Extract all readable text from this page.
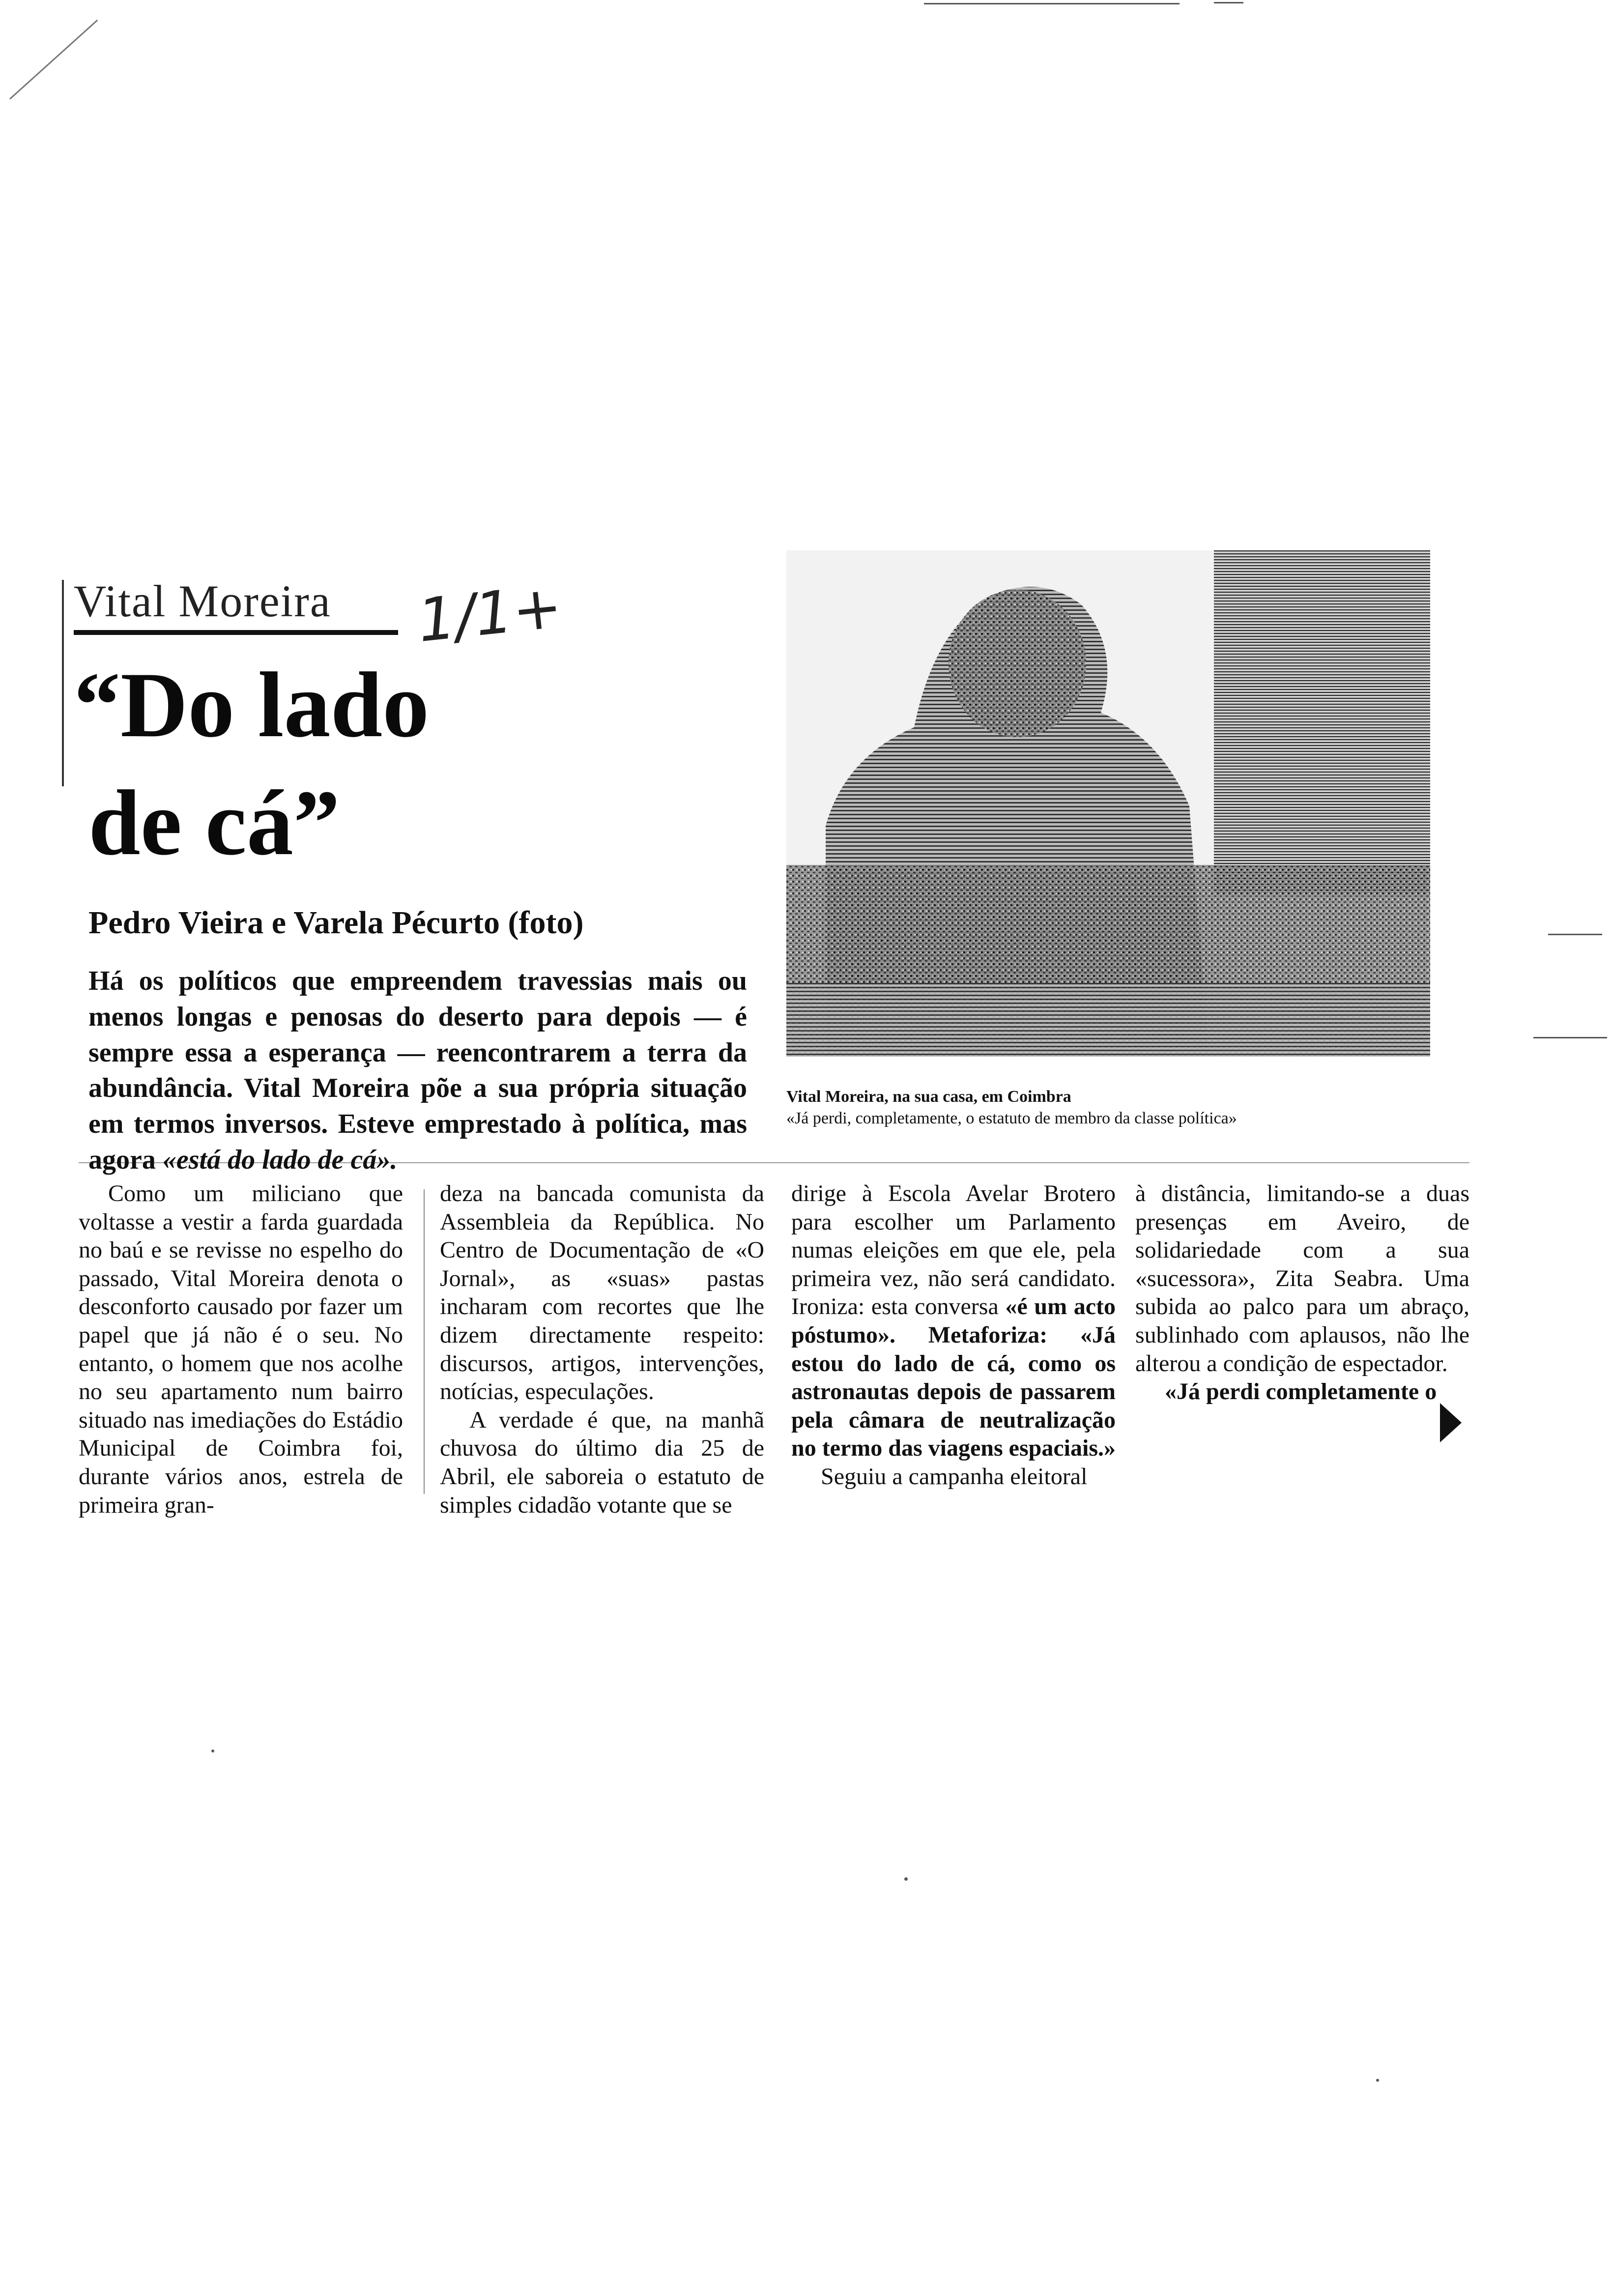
Vital Moreira
“Do lado
de cá”
1/1+
Pedro Vieira e Varela Pécurto (foto)
Há os políticos que empreendem travessias mais ou menos longas e penosas do deserto para depois — é sempre essa a esperança — reencontrarem a terra da abundância. Vital Moreira põe a sua própria situação em termos inversos. Esteve emprestado à política, mas agora «está do lado de cá».
Vital Moreira, na sua casa, em Coimbra
«Já perdi, completamente, o estatuto de membro da classe política»

Como um miliciano que voltasse a vestir a farda guardada no baú e se revisse no espelho do passado, Vital Moreira denota o desconforto causado por fazer um papel que já não é o seu. No entanto, o homem que nos acolhe no seu apartamento num bairro situado nas imediações do Estádio Municipal de Coimbra foi, durante vários anos, estrela de primeira gran-

deza na bancada comunista da Assembleia da República. No Centro de Documentação de «O Jornal», as «suas» pastas incharam com recortes que lhe dizem directamente respeito: discursos, artigos, intervenções, notícias, especulações.

A verdade é que, na manhã chuvosa do último dia 25 de Abril, ele saboreia o estatuto de simples cidadão votante que se

dirige à Escola Avelar Brotero para escolher um Parlamento numas eleições em que ele, pela primeira vez, não será candidato. Ironiza: esta conversa «é um acto póstumo». Metaforiza: «Já estou do lado de cá, como os astronautas depois de passarem pela câmara de neutralização no termo das viagens espaciais.»

Seguiu a campanha eleitoral

à distância, limitando-se a duas presenças em Aveiro, de solidariedade com a sua «sucessora», Zita Seabra. Uma subida ao palco para um abraço, sublinhado com aplausos, não lhe alterou a condição de espectador.

«Já perdi completamente o
